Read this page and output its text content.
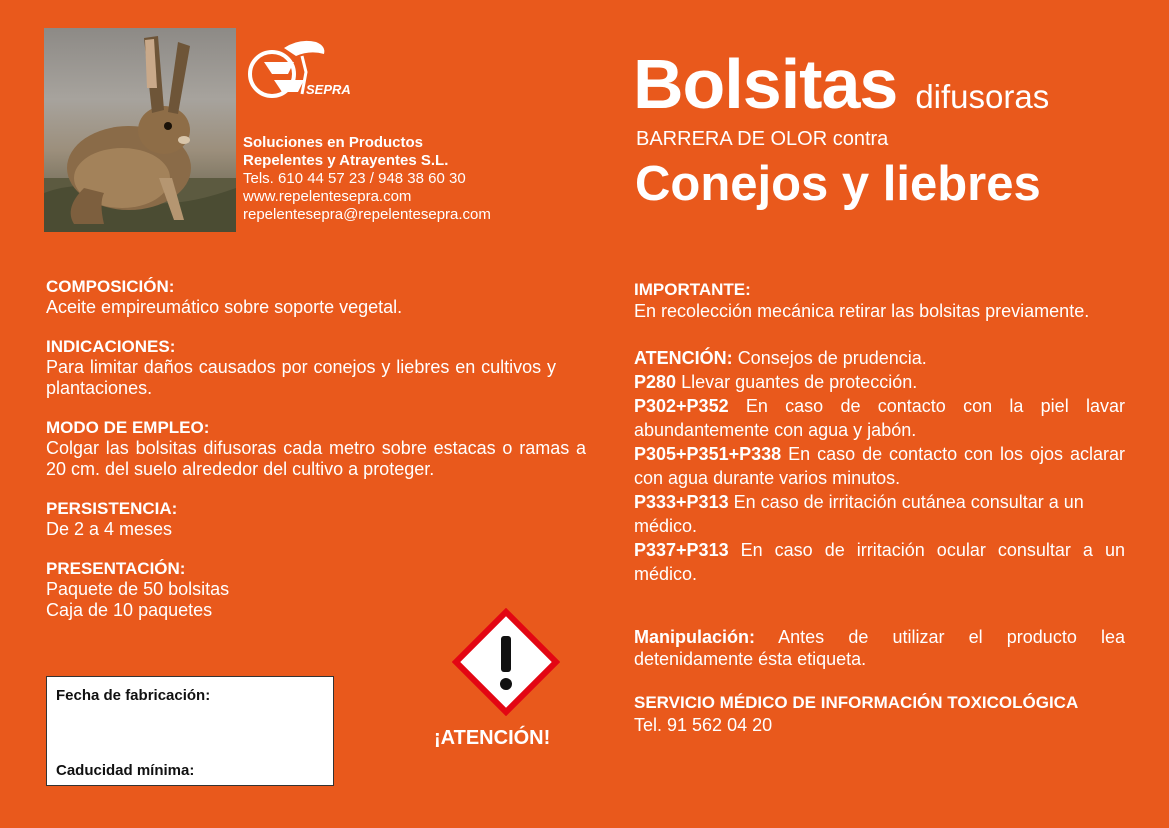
SEPRA
Soluciones en Productos
Repelentes y Atrayentes S.L.
Tels. 610 44 57 23 / 948 38 60 30
www.repelentesepra.com
repelentesepra@repelentesepra.com
Bolsitas difusoras
BARRERA DE OLOR contra
Conejos y liebres
COMPOSICIÓN:

Aceite empireumático sobre soporte vegetal.

INDICACIONES:

Para limitar daños causados por conejos y liebres en cultivos y plantaciones.

MODO DE EMPLEO:

Colgar las bolsitas difusoras cada metro sobre estacas o ramas a 20 cm. del suelo alrededor del cultivo a proteger.

PERSISTENCIA:

De 2 a 4 meses

PRESENTACIÓN:

Paquete de 50 bolsitas

Caja de 10 paquetes

Fecha de fabricación:
Caducidad mínima:
¡ATENCIÓN!
IMPORTANTE:

En recolección mecánica retirar las bolsitas previamente.

ATENCIÓN: Consejos de prudencia.

P280 Llevar guantes de protección.

P302+P352 En caso de contacto con la piel lavar abundantemente con agua y jabón.

P305+P351+P338 En caso de contacto con los ojos aclarar con agua durante varios minutos.

P333+P313 En caso de irritación cutánea consultar a un médico.

P337+P313 En caso de irritación ocular consultar a un médico.

Manipulación: Antes de utilizar el producto lea detenidamente ésta etiqueta.

SERVICIO MÉDICO DE INFORMACIÓN TOXICOLÓGICA

Tel. 91 562 04 20
